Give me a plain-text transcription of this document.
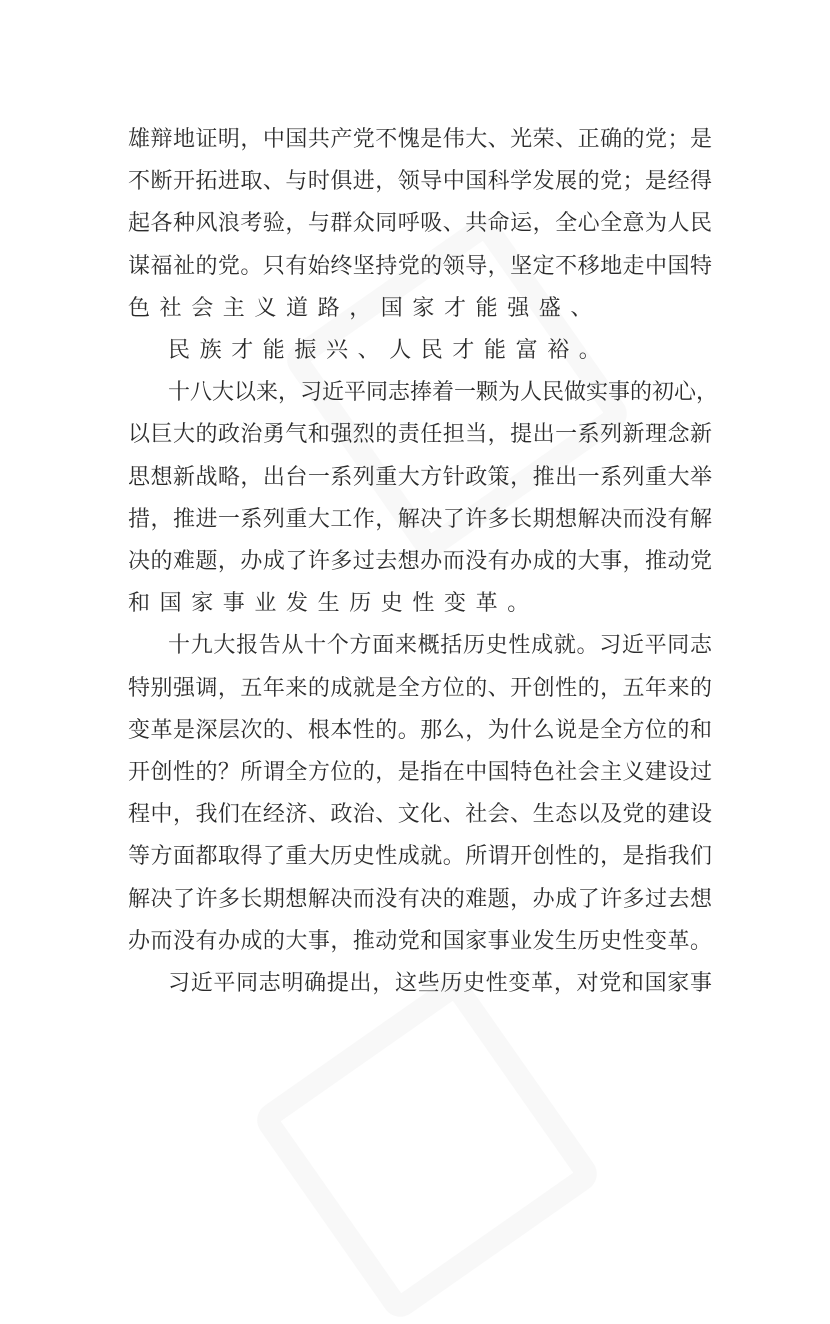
雄辩地证明，中国共产党不愧是伟大、光荣、正确的党；是
不断开拓进取、与时俱进，领导中国科学发展的党；是经得
起各种风浪考验，与群众同呼吸、共命运，全心全意为人民
谋福祉的党。只有始终坚持党的领导，坚定不移地走中国特
色社会主义道路，国家才能强盛、
民族才能振兴、人民才能富裕。
十八大以来，习近平同志捧着一颗为人民做实事的初心，
以巨大的政治勇气和强烈的责任担当，提出一系列新理念新
思想新战略，出台一系列重大方针政策，推出一系列重大举
措，推进一系列重大工作，解决了许多长期想解决而没有解
决的难题，办成了许多过去想办而没有办成的大事，推动党
和国家事业发生历史性变革。
十九大报告从十个方面来概括历史性成就。习近平同志
特别强调，五年来的成就是全方位的、开创性的，五年来的
变革是深层次的、根本性的。那么，为什么说是全方位的和
开创性的？所谓全方位的，是指在中国特色社会主义建设过
程中，我们在经济、政治、文化、社会、生态以及党的建设
等方面都取得了重大历史性成就。所谓开创性的，是指我们
解决了许多长期想解决而没有决的难题，办成了许多过去想
办而没有办成的大事，推动党和国家事业发生历史性变革。
习近平同志明确提出，这些历史性变革，对党和国家事
